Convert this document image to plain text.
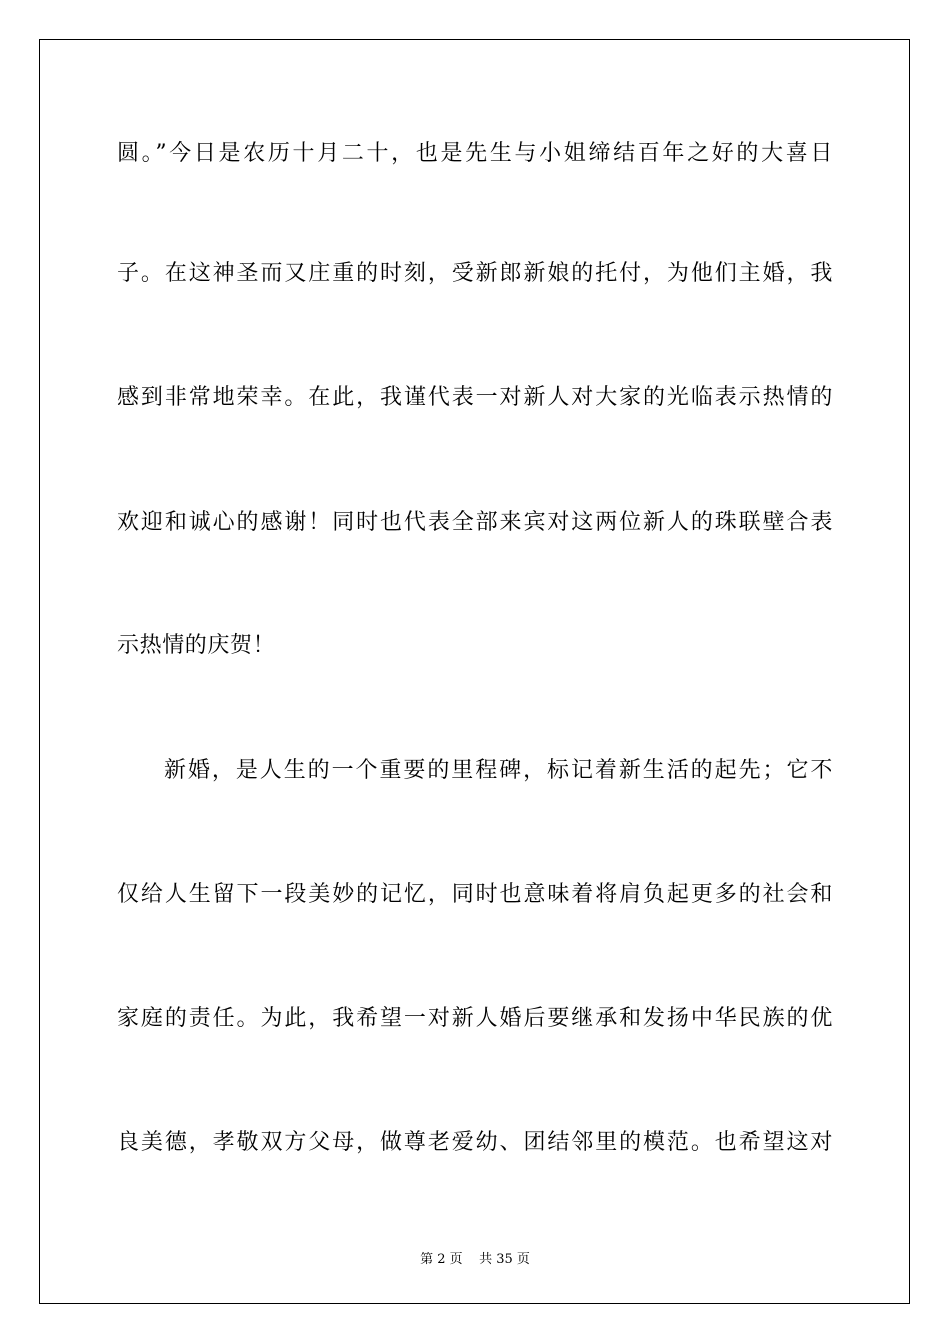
圆。”今日是农历十月二十，也是先生与小姐缔结百年之好的大喜日
子。在这神圣而又庄重的时刻，受新郎新娘的托付，为他们主婚，我
感到非常地荣幸。在此，我谨代表一对新人对大家的光临表示热情的
欢迎和诚心的感谢！同时也代表全部来宾对这两位新人的珠联壁合表
示热情的庆贺！
新婚，是人生的一个重要的里程碑，标记着新生活的起先；它不
仅给人生留下一段美妙的记忆，同时也意味着将肩负起更多的社会和
家庭的责任。为此，我希望一对新人婚后要继承和发扬中华民族的优
良美德，孝敬双方父母，做尊老爱幼、团结邻里的模范。也希望这对
第 2 页    共 35 页
